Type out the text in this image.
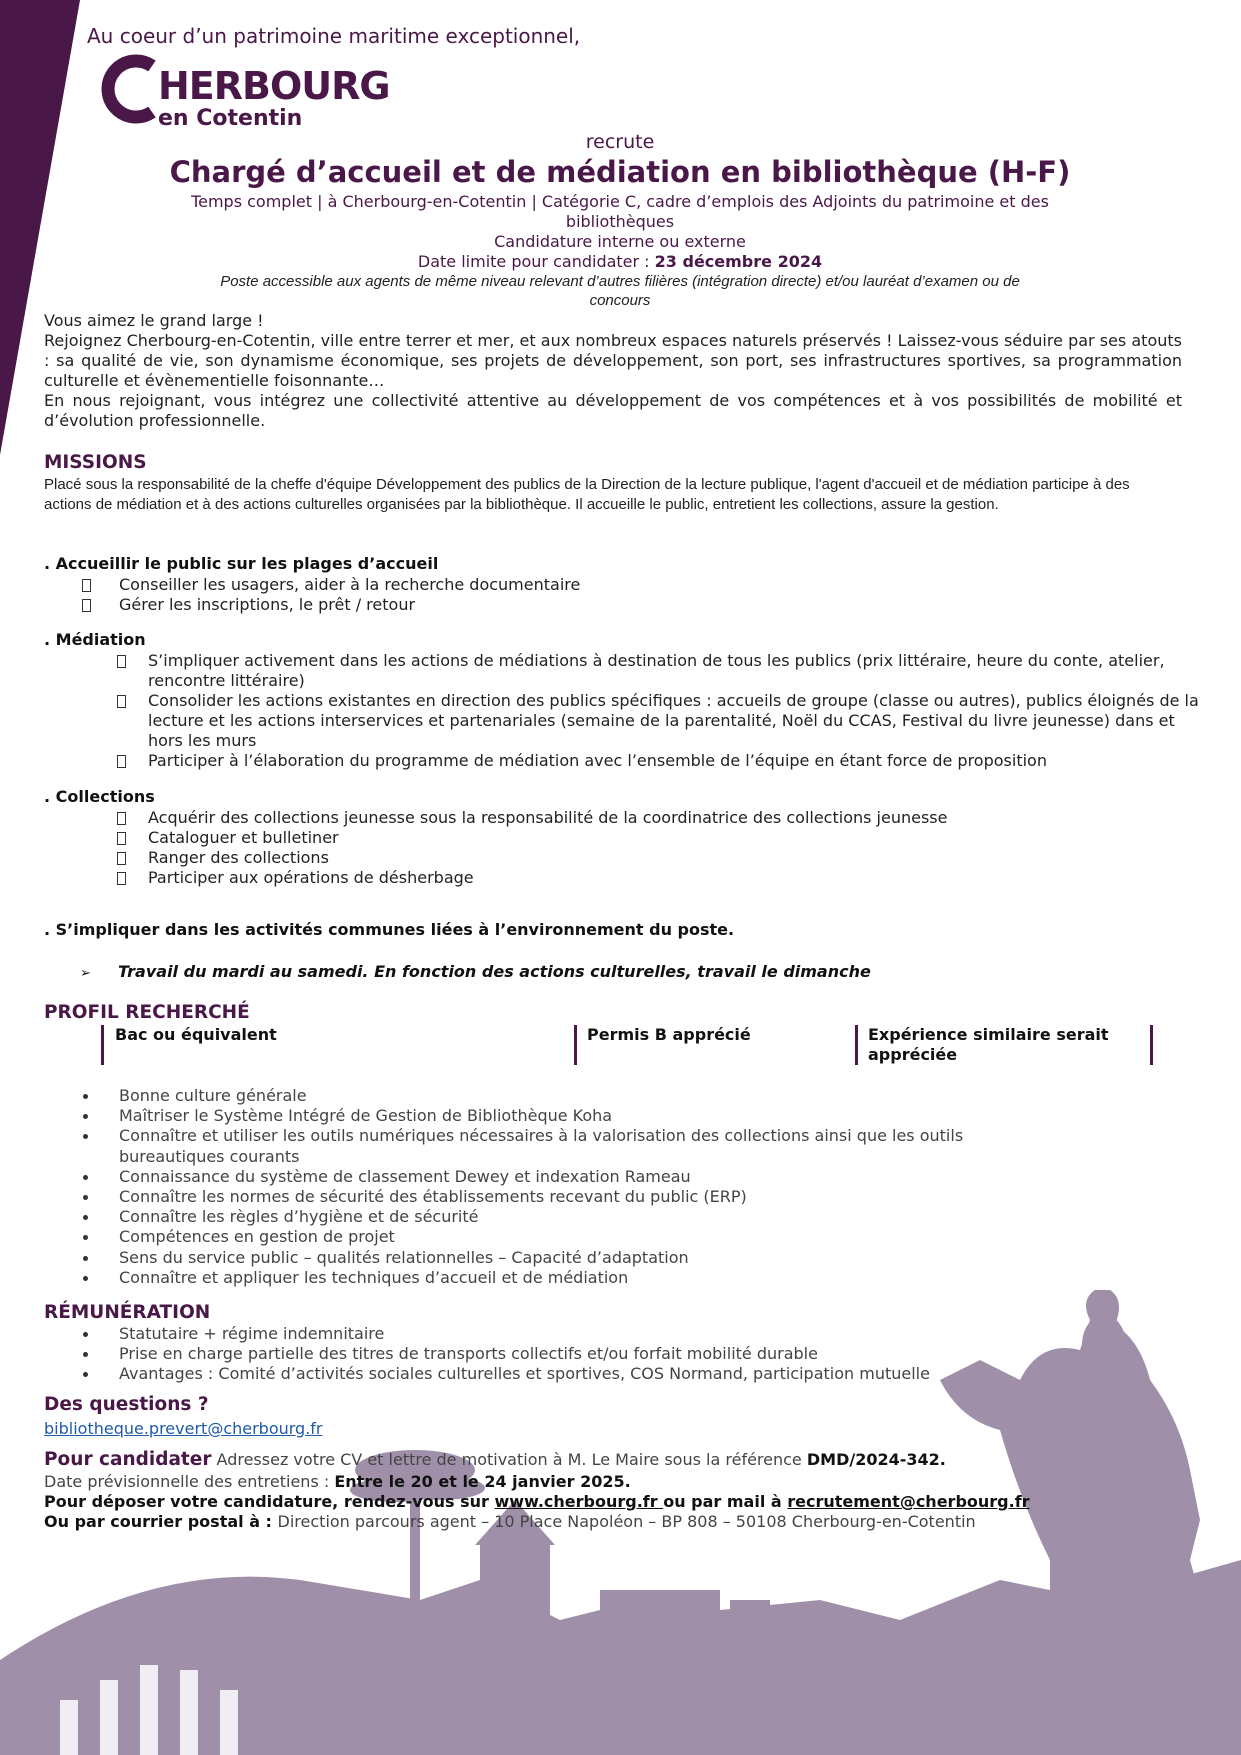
Au coeur d’un patrimoine maritime exceptionnel,
HERBOURG
en Cotentin
recrute
Chargé d’accueil et de médiation en bibliothèque (H-F)
Temps complet | à Cherbourg-en-Cotentin | Catégorie C, cadre d’emplois des Adjoints du patrimoine et des
bibliothèques
Candidature interne ou externe
Date limite pour candidater : 23 décembre 2024
Poste accessible aux agents de même niveau relevant d’autres filières (intégration directe) et/ou lauréat d’examen ou de
concours
Vous aimez le grand large !
Rejoignez Cherbourg-en-Cotentin, ville entre terrer et mer, et aux nombreux espaces naturels préservés ! Laissez-vous séduire par ses atouts : sa qualité de vie, son dynamisme économique, ses projets de développement, son port, ses infrastructures sportives, sa programmation culturelle et évènementielle foisonnante…
En nous rejoignant, vous intégrez une collectivité attentive au développement de vos compétences et à vos possibilités de mobilité et d’évolution professionnelle.
MISSIONS
Placé sous la responsabilité de la cheffe d'équipe Développement des publics de la Direction de la lecture publique, l'agent d'accueil et de médiation participe à des actions de médiation et à des actions culturelles organisées par la bibliothèque. Il accueille le public, entretient les collections, assure la gestion.
. Accueillir le public sur les plages d’accueil
Conseiller les usagers, aider à la recherche documentaire
Gérer les inscriptions, le prêt / retour
. Médiation
S’impliquer activement dans les actions de médiations à destination de tous les publics (prix littéraire, heure du conte, atelier, rencontre littéraire)
Consolider les actions existantes en direction des publics spécifiques : accueils de groupe (classe ou autres), publics éloignés de la lecture et les actions interservices et partenariales (semaine de la parentalité, Noël du CCAS, Festival du livre jeunesse) dans et hors les murs
Participer à l’élaboration du programme de médiation avec l’ensemble de l’équipe en étant force de proposition
. Collections
Acquérir des collections jeunesse sous la responsabilité de la coordinatrice des collections jeunesse
Cataloguer et bulletiner
Ranger des collections
Participer aux opérations de désherbage
. S’impliquer dans les activités communes liées à l’environnement du poste.
➢ Travail du mardi au samedi. En fonction des actions culturelles, travail le dimanche
PROFIL RECHERCHÉ
Bac ou équivalent	Permis B apprécié	Expérience similaire serait appréciée
Bonne culture générale
Maîtriser le Système Intégré de Gestion de Bibliothèque Koha
Connaître et utiliser les outils numériques nécessaires à la valorisation des collections ainsi que les outils bureautiques courants
Connaissance du système de classement Dewey et indexation Rameau
Connaître les normes de sécurité des établissements recevant du public (ERP)
Connaître les règles d’hygiène et de sécurité
Compétences en gestion de projet
Sens du service public – qualités relationnelles – Capacité d’adaptation
Connaître et appliquer les techniques d’accueil et de médiation
RÉMUNÉRATION
Statutaire + régime indemnitaire
Prise en charge partielle des titres de transports collectifs et/ou forfait mobilité durable
Avantages : Comité d’activités sociales culturelles et sportives, COS Normand, participation mutuelle
Des questions ?
bibliotheque.prevert@cherbourg.fr
Pour candidater Adressez votre CV et lettre de motivation à M. Le Maire sous la référence DMD/2024-342.
Date prévisionnelle des entretiens : Entre le 20 et le 24 janvier 2025.
Pour déposer votre candidature, rendez-vous sur www.cherbourg.fr ou par mail à recrutement@cherbourg.fr
Ou par courrier postal à : Direction parcours agent – 10 Place Napoléon – BP 808 – 50108 Cherbourg-en-Cotentin
